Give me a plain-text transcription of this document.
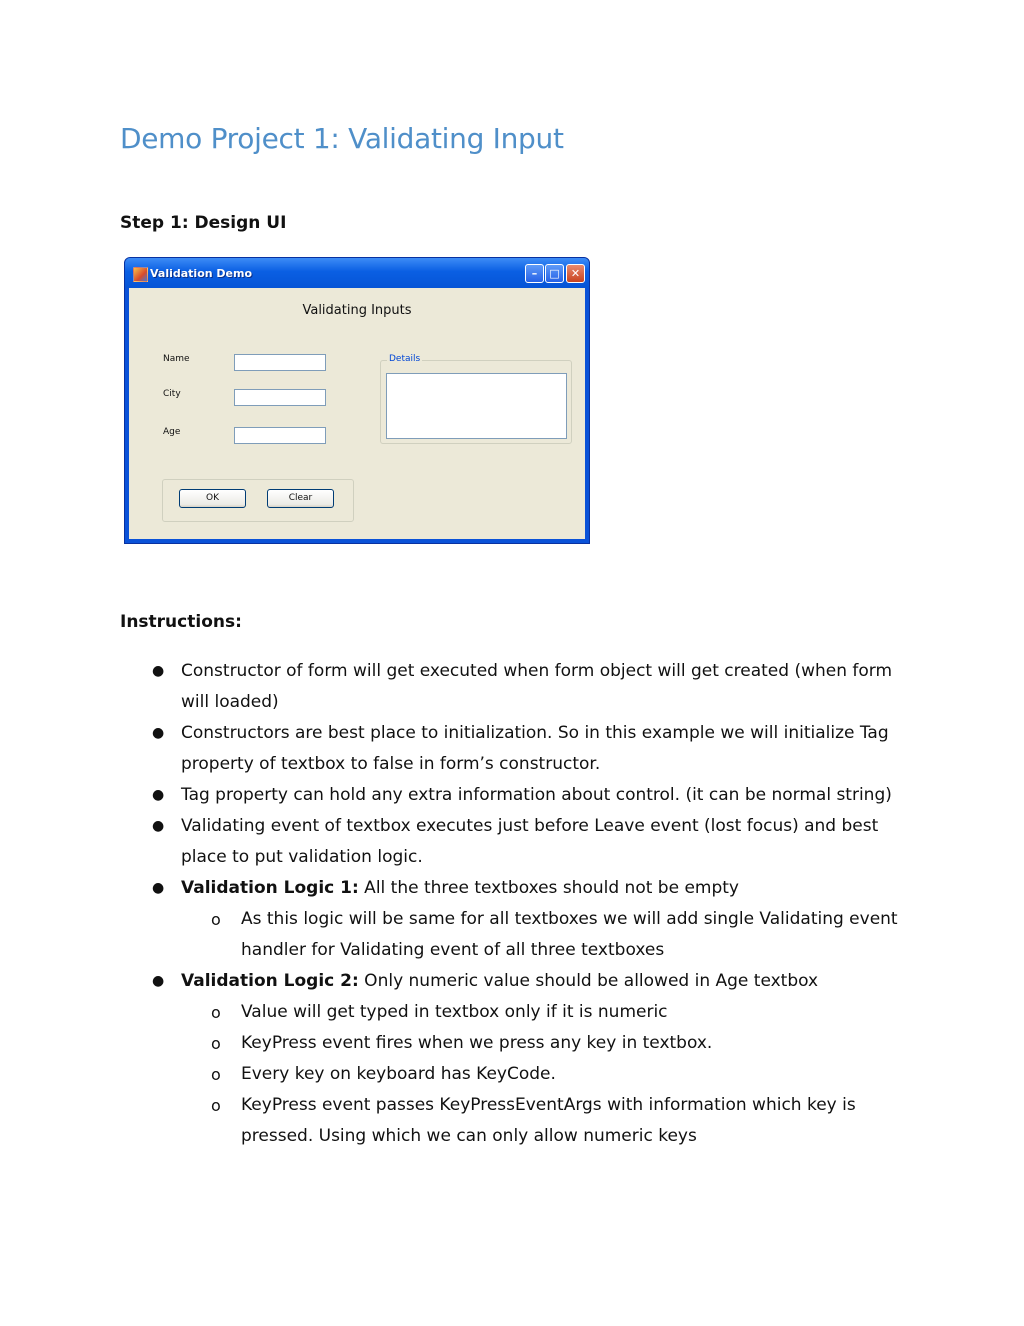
Demo Project 1: Validating Input
Step 1: Design UI
Validation Demo	–	□	✕
Validating Inputs
Name
City
Age
Details
OK	Clear
Instructions:
● Constructor of form will get executed when form object will get created (when form will loaded)
● Constructors are best place to initialization. So in this example we will initialize Tag property of textbox to false in form’s constructor.
● Tag property can hold any extra information about control. (it can be normal string)
● Validating event of textbox executes just before Leave event (lost focus) and best place to put validation logic.
● Validation Logic 1: All the three textboxes should not be empty
o As this logic will be same for all textboxes we will add single Validating event handler for Validating event of all three textboxes
● Validation Logic 2: Only numeric value should be allowed in Age textbox
o Value will get typed in textbox only if it is numeric
o KeyPress event fires when we press any key in textbox.
o Every key on keyboard has KeyCode.
o KeyPress event passes KeyPressEventArgs with information which key is pressed. Using which we can only allow numeric keys
